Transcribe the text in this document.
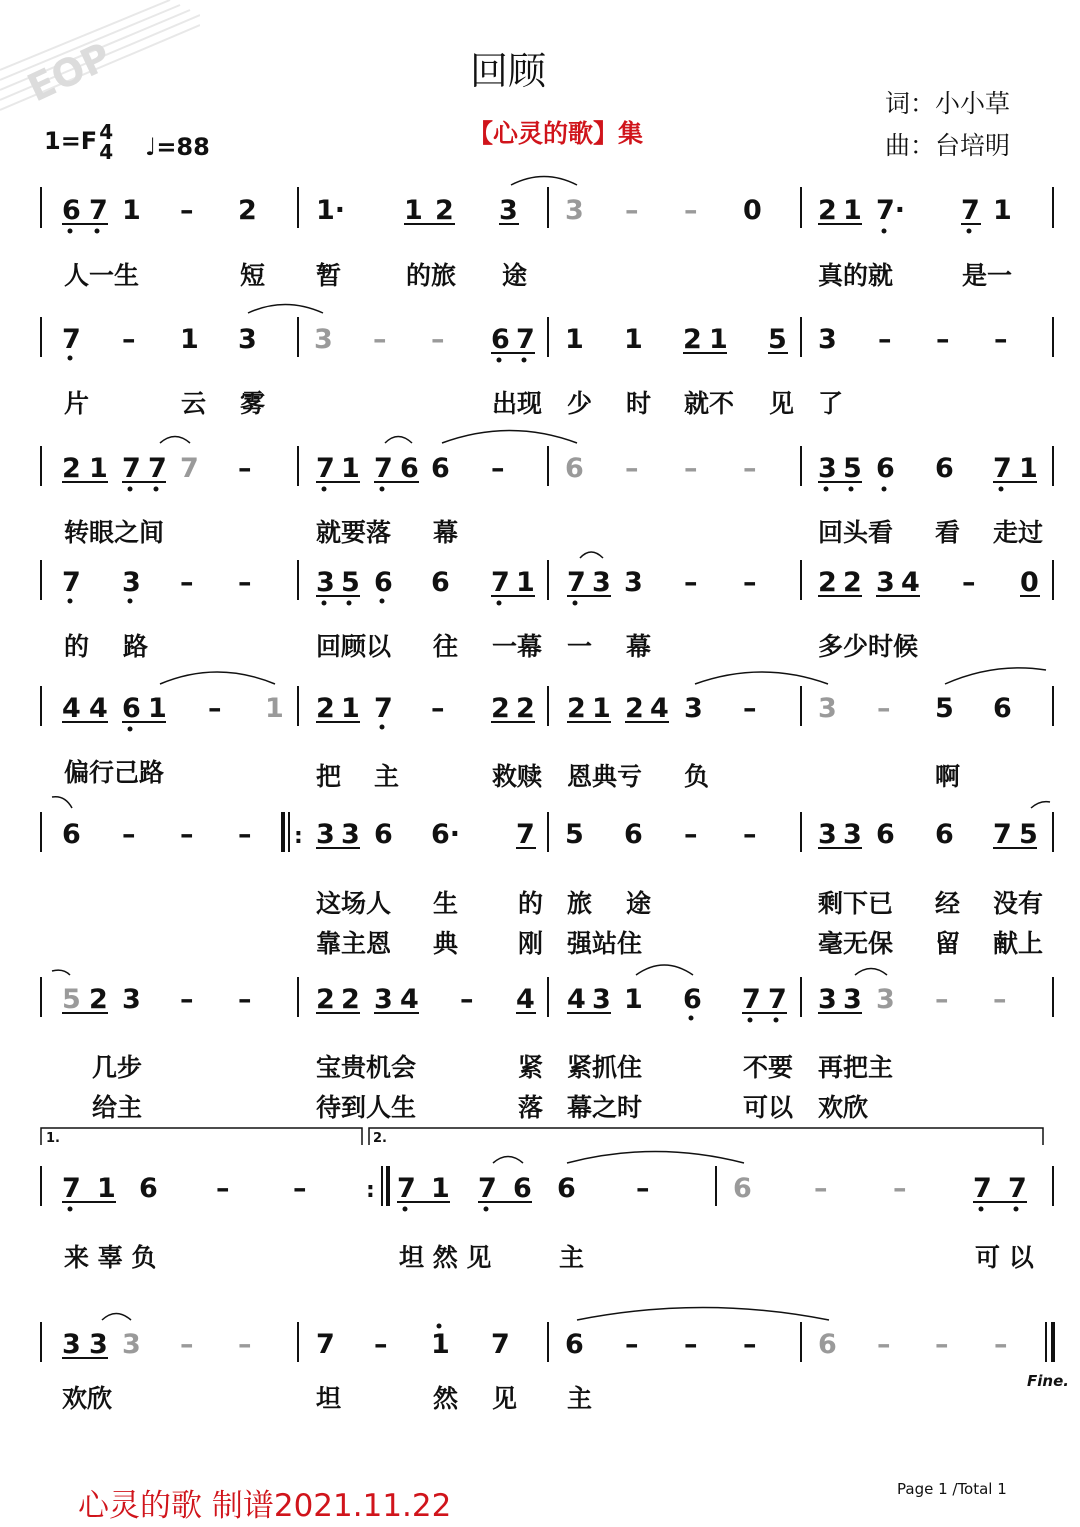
EOP	回顾
【心灵的歌】集
词：小小草
曲：台培明
1=F 4
4 ♩=88
6 7 1 – 2 1· 1 2 3 3 – – 0 2 1 7· 7 1
7 – 1 3 3 – – 6 7 1 1 2 1 5 3 – – –
2 1 7 7 7 – 7 1 7 6 6 – 6 – – – 3 5 6 6 7 1
7 3 – – 3 5 6 6 7 1 7 3 3 – – 2 2 3 4 – 0
4 4 6 1 – 1 2 1 7 – 2 2 2 1 2 4 3 – 3 – 5 6
6 – – – : 3 3 6 6· 7 5 6 – – 3 3 6 6 7 5
5 2 3 – – 2 2 3 4 – 4 4 3 1 6 7 7 3 3 3 – –
7 1 6 – –	: 7 1 7 6 6 –	6 – – 7 7
3 3 3 – – 7 – 1 7 6 – – – 6 – – –
1.	2.
人一生	短 暂	的旅 途	真的就	是一
片	云 雾	出现 少 时 就不 见 了
转眼之间	就要落 幕	回头看 看 走过
的 路	回顾以 往 一幕 一 幕	多少时候
偏行己路	把 主	救赎 恩典亏 负	啊
这场人 生 的 旅 途	剩下已 经 没有
靠主恩 典 刚 强站住	毫无保 留 献上
几步	宝贵机会	紧 紧抓住	不要 再把主
给主	待到人生	落 幕之时	可以 欢欣
来 辜 负	坦 然 见	主	可 以
欢欣	坦	然 见 主
Fine.
心灵的歌 制谱2021.11.22	Page 1 /Total 1
